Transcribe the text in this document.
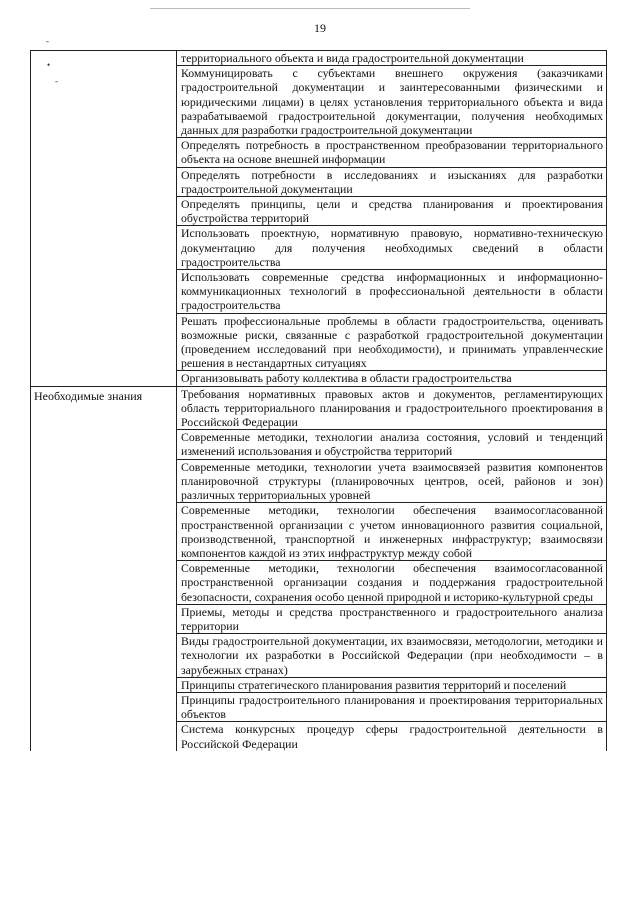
19
-
•
-
территориального объекта и вида градостроительной документации
Коммуницировать с субъектами внешнего окружения (заказчиками градостроительной документации и заинтересованными физическими и юридическими лицами) в целях установления территориального объекта и вида разрабатываемой градостроительной документации, получения необходимых данных для разработки градостроительной документации
Определять потребность в пространственном преобразовании территориального объекта на основе внешней информации
Определять потребности в исследованиях и изысканиях для разработки градостроительной документации
Определять принципы, цели и средства планирования и проектирования обустройства территорий
Использовать проектную, нормативную правовую, нормативно-техническую документацию для получения необходимых сведений в области градостроительства
Использовать современные средства информационных и информационно-коммуникационных технологий в профессиональной деятельности в области градостроительства
Решать профессиональные проблемы в области градостроительства, оценивать возможные риски, связанные с разработкой градостроительной документации (проведением исследований при необходимости), и принимать управленческие решения в нестандартных ситуациях
Организовывать работу коллектива в области градостроительства
Необходимые знания	Требования нормативных правовых актов и документов, регламентирующих область территориального планирования и градостроительного проектирования в Российской Федерации
Современные методики, технологии анализа состояния, условий и тенденций изменений использования и обустройства территорий
Современные методики, технологии учета взаимосвязей развития компонентов планировочной структуры (планировочных центров, осей, районов и зон) различных территориальных уровней
Современные методики, технологии обеспечения взаимосогласованной пространственной организации с учетом инновационного развития социальной, производственной, транспортной и инженерных инфраструктур; взаимосвязи компонентов каждой из этих инфраструктур между собой
Современные методики, технологии обеспечения взаимосогласованной пространственной организации создания и поддержания градостроительной безопасности, сохранения особо ценной природной и историко-культурной среды
Приемы, методы и средства пространственного и градостроительного анализа территории
Виды градостроительной документации, их взаимосвязи, методологии, методики и технологии их разработки в Российской Федерации (при необходимости – в зарубежных странах)
Принципы стратегического планирования развития территорий и поселений
Принципы градостроительного планирования и проектирования территориальных объектов
Система конкурсных процедур сферы градостроительной деятельности в Российской Федерации
